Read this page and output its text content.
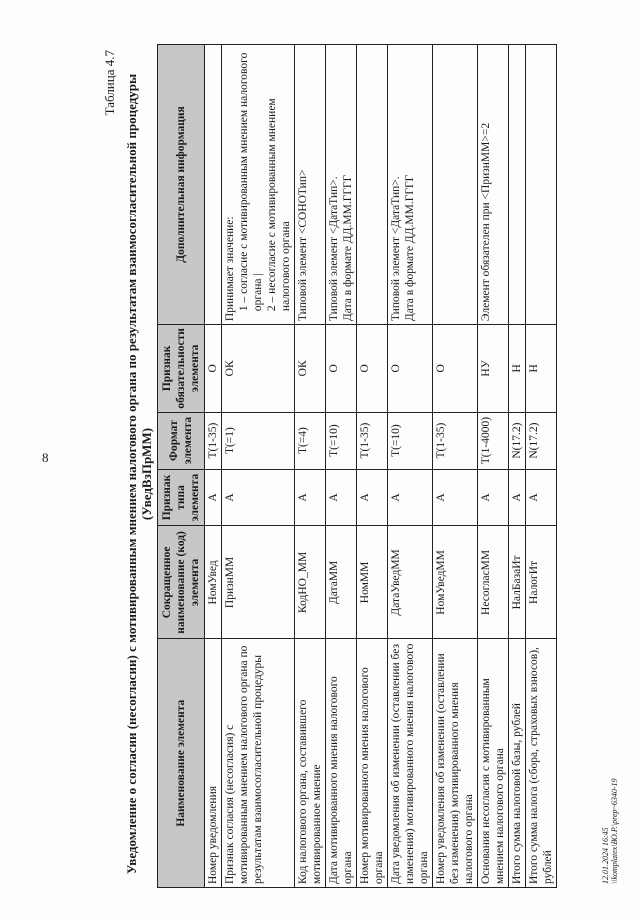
8
Таблица 4.7 Уведомление о согласии (несогласии) с мотивированным мнением налогового органа по результатам взаимосогласительной процедуры (УведВзПрММ)
Наименование элемента	Сокращенное наименование (код) элемента	Признак типа элемента	Формат элемента	Признак обязательности элемента	Дополнительная информация
Номер уведомления	НомУвед	А	T(1-35)	О	
Признак согласия (несогласия) с мотивированным мнением налогового органа по результатам взаимосогласительной процедуры	ПризнММ	А	T(=1)	ОК	Принимает значение: 1 – согласие с мотивированным мнением налогового органа | 2 – несогласие с мотивированным мнением налогового органа

Код налогового органа, составившего мотивированное мнение	КодНО_ММ	А	T(=4)	ОК	Типовой элемент <СОНОТип>
Дата мотивированного мнения налогового органа	ДатаММ	А	T(=10)	О	Типовой элемент <ДатаТип>. Дата в формате ДД.ММ.ГГГГ
Номер мотивированного мнения налогового органа	НомММ	А	T(1-35)	О	
Дата уведомления об изменении (оставлении без изменения) мотивированного мнения налогового органа	ДатаУведММ	А	T(=10)	О	Типовой элемент <ДатаТип>. Дата в формате ДД.ММ.ГГГГ
Номер уведомления об изменении (оставлении без изменения) мотивированного мнения налогового органа	НомУведММ	А	T(1-35)	О	
Основания несогласия с мотивированным мнением налогового органа	НесогласММ	А	T(1-4000)	НУ	Элемент обязателен при <ПризнММ>=2
Итого сумма налоговой базы, рублей	НалБазаИт	А	N(17.2)	Н	
Итого сумма налога (сбора, страховых взносов), рублей	НалогИт	А	N(17.2)	Н	
12.01.2024 16:45
\\komplatex\ВО.Р.\prep~6340-19
